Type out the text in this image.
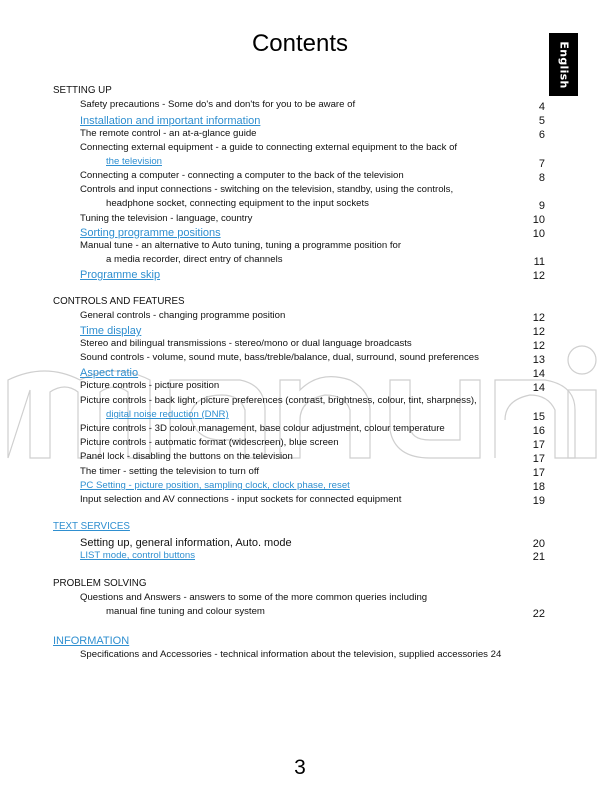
Contents	English
SETTING UP
Safety precautions - Some do's and don'ts for you to be aware of	4
Installation and important information	5
The remote control - an at-a-glance guide	6
Connecting external equipment - a guide to connecting external equipment to the back of
the television	7
Connecting a computer - connecting a computer to the back of the television	8
Controls and input connections - switching on the television, standby, using the controls,
headphone socket, connecting equipment to the input sockets	9
Tuning the television - language, country	10
Sorting programme positions	10
Manual tune - an alternative to Auto tuning, tuning a programme position for
a media recorder, direct entry of channels	11
Programme skip	12
CONTROLS AND FEATURES
General controls - changing programme position	12
Time display	12
Stereo and bilingual transmissions - stereo/mono or dual language broadcasts	12
Sound controls - volume, sound mute, bass/treble/balance, dual, surround, sound preferences	13
Aspect ratio	14
Picture controls - picture position	14
Picture controls - back light, picture preferences (contrast, brightness, colour, tint, sharpness),
digital noise reduction (DNR)	15
Picture controls - 3D colour management, base colour adjustment, colour temperature	16
Picture controls - automatic format (widescreen), blue screen	17
Panel lock - disabling the buttons on the television	17
The timer - setting the television to turn off	17
PC Setting - picture position, sampling clock, clock phase, reset	18
Input selection and AV connections - input sockets for connected equipment	19
TEXT SERVICES
Setting up, general information, Auto. mode	20
LIST mode, control buttons	21
PROBLEM SOLVING
Questions and Answers - answers to some of the more common queries including
manual fine tuning and colour system	22
INFORMATION
Specifications and Accessories - technical information about the television, supplied accessories 24
3
